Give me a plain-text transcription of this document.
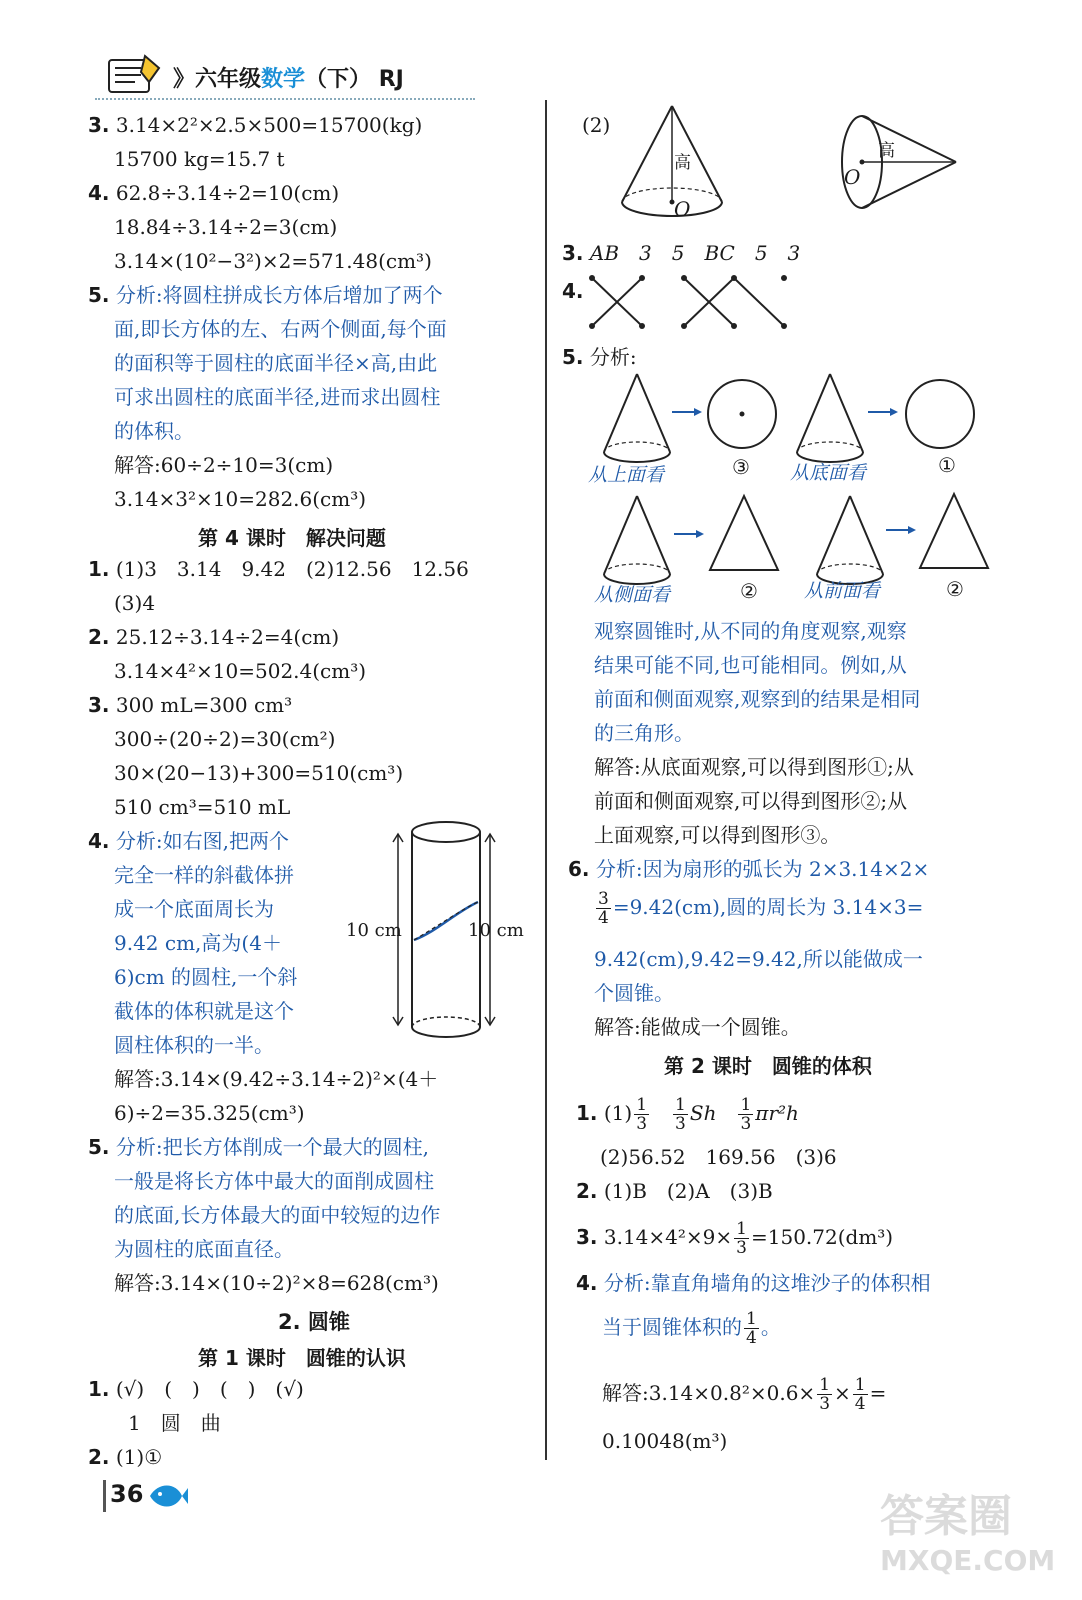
》六年级数学（下） RJ
3. 3.14×2²×2.5×500=15700(kg)
15700 kg=15.7 t
4. 62.8÷3.14÷2=10(cm)
18.84÷3.14÷2=3(cm)
3.14×(10²−3²)×2=571.48(cm³)
5. 分析:将圆柱拼成长方体后增加了两个
面,即长方体的左、右两个侧面,每个面
的面积等于圆柱的底面半径×高,由此
可求出圆柱的底面半径,进而求出圆柱
的体积。
解答:60÷2÷10=3(cm)
3.14×3²×10=282.6(cm³)
第 4 课时　解决问题
1. (1)3　3.14　9.42　(2)12.56　12.56
(3)4
2. 25.12÷3.14÷2=4(cm)
3.14×4²×10=502.4(cm³)
3. 300 mL=300 cm³
300÷(20÷2)=30(cm²)
30×(20−13)+300=510(cm³)
510 cm³=510 mL
4. 分析:如右图,把两个
完全一样的斜截体拼
成一个底面周长为
9.42 cm,高为(4＋
6)cm 的圆柱,一个斜
截体的体积就是这个
圆柱体积的一半。
10 cm	10 cm
解答:3.14×(9.42÷3.14÷2)²×(4＋
6)÷2=35.325(cm³)
5. 分析:把长方体削成一个最大的圆柱,
一般是将长方体中最大的面削成圆柱
的底面,长方体最大的面中较短的边作
为圆柱的底面直径。
解答:3.14×(10÷2)²×8=628(cm³)
2. 圆锥
第 1 课时　圆锥的认识
1. (√)　(　)　(　)　(√)
1　圆　曲
2. (1)①
(2)
高
O
高
O
3. AB　3　5　BC　5　3
4.
5. 分析:
从上面看	③ 从底面看	①
从侧面看	② 从前面看	②
观察圆锥时,从不同的角度观察,观察
结果可能不同,也可能相同。例如,从
前面和侧面观察,观察到的结果是相同
的三角形。
解答:从底面观察,可以得到图形①;从
前面和侧面观察,可以得到图形②;从
上面观察,可以得到图形③。
6. 分析:因为扇形的弧长为 2×3.14×2×
$\frac{3}{4} =9.42(cm)$,圆的周长为 3.14×3=
9.42(cm),9.42=9.42,所以能做成一
个圆锥。
解答:能做成一个圆锥。
第 2 课时　圆锥的体积
1. $(1) \frac{1}{3}$
　 $\frac{1}{3}$ Sh　 $\frac{1}{3} \pi r^2h$
(2)56.52　169.56　(3)6
2. (1)B　(2)A　(3)B
3. $3.14\times 4^2\times 9\times \frac{1}{3} =150.72(dm^3)$
4. 分析:靠直角墙角的这堆沙子的体积相
当于圆锥体积的 $\frac{1}{4}$ 。
解答:3.14×0.8²×0.6× $\frac{1}{3} \times \frac{1}{4}$ =
0.10048(m³)
36	答案圈
MXQE.COM
